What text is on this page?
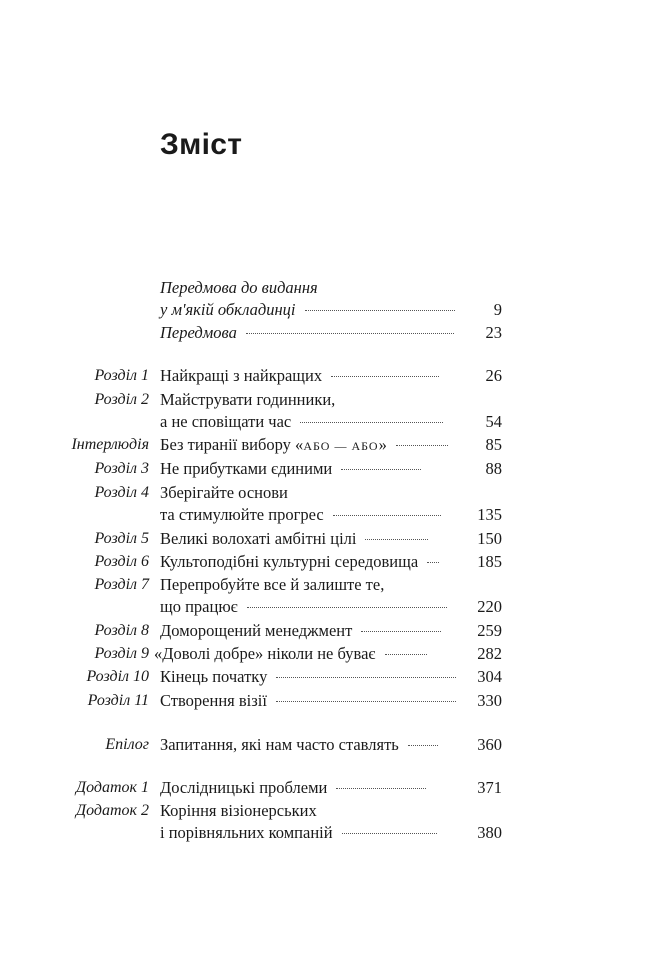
Зміст
Передмова до видання
у м'якій обкладинці	9
Передмова	23
Розділ 1 Найкращі з найкращих	26
Розділ 2 Майструвати годинники,
а не сповіщати час	54
Інтерлюдія Без тиранії вибору «АБО — АБО»	85
Розділ 3 Не прибутками єдиними	88
Розділ 4 Зберігайте основи
та стимулюйте прогрес	135
Розділ 5 Великі волохаті амбітні цілі	150
Розділ 6 Культоподібні культурні середовища	185
Розділ 7 Перепробуйте все й залиште те,
що працює	220
Розділ 8 Доморощений менеджмент	259
Розділ 9 «Доволі добре» ніколи не буває	282
Розділ 10 Кінець початку	304
Розділ 11 Створення візії	330
Епілог Запитання, які нам часто ставлять	360
Додаток 1 Дослідницькі проблеми	371
Додаток 2 Коріння візіонерських
і порівняльних компаній	380
